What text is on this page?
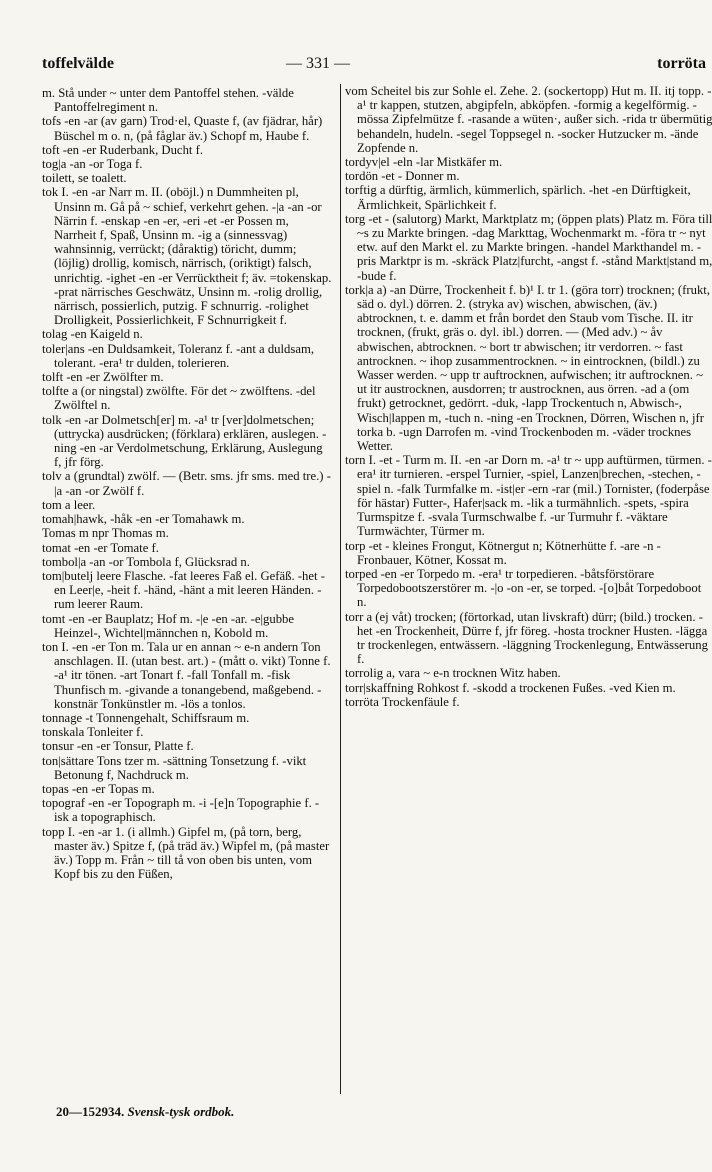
toffelvälde	— 331 —	torröta
m. Stå under ~ unter dem Pantoffel stehen. -välde Pantoffelregiment n.
tofs -en -ar (av garn) Trod·el, Quaste f, (av fjädrar, hår) Büschel m o. n, (på fåglar äv.) Schopf m, Haube f.
toft -en -er Ruderbank, Ducht f.
tog|a -an -or Toga f.
toilett, se toalett.
tok I. -en -ar Narr m. II. (oböjl.) n Dummheiten pl, Unsinn m. Gå på ~ schief, verkehrt gehen. -|a -an -or Närrin f. -enskap -en -er, -eri -et -er Possen m, Narrheit f, Spaß, Unsinn m. -ig a (sinnessvag) wahnsinnig, verrückt; (dåraktig) töricht, dumm; (löjlig) drollig, komisch, närrisch, (oriktigt) falsch, unrichtig. -ighet -en -er Verrücktheit f; äv. =tokenskap. -prat närrisches Geschwätz, Unsinn m. -rolig drollig, närrisch, possierlich, putzig. F schnurrig. -rolighet Drolligkeit, Possierlichkeit, F Schnurrigkeit f.
tolag -en Kaigeld n.
toler|ans -en Duldsamkeit, Toleranz f. -ant a duldsam, tolerant. -era¹ tr dulden, tolerieren.
tolft -en -er Zwölfter m.
tolfte a (or ningstal) zwölfte. För det ~ zwölftens. -del Zwölftel n.
tolk -en -ar Dolmetsch[er] m. -a¹ tr [ver]dolmetschen; (uttrycka) ausdrücken; (förklara) erklären, auslegen. -ning -en -ar Verdolmetschung, Erklärung, Auslegung f, jfr förg.
tolv a (grundtal) zwölf. — (Betr. sms. jfr sms. med tre.) -|a -an -or Zwölf f.
tom a leer.
tomah|hawk, -håk -en -er Tomahawk m.
Tomas m npr Thomas m.
tomat -en -er Tomate f.
tombol|a -an -or Tombola f, Glücksrad n.
tom|butelj leere Flasche. -fat leeres Faß el. Gefäß. -het -en Leer|e, -heit f. -händ, -hänt a mit leeren Händen. -rum leerer Raum.
tomt -en -er Bauplatz; Hof m. -|e -en -ar. -e|gubbe Heinzel-, Wichtel|männchen n, Kobold m.
ton I. -en -er Ton m. Tala ur en annan ~ e-n andern Ton anschlagen. II. (utan best. art.) - (mått o. vikt) Tonne f. -a¹ itr tönen. -art Tonart f. -fall Tonfall m. -fisk Thunfisch m. -givande a tonangebend, maßgebend. -konstnär Tonkünstler m. -lös a tonlos.
tonnage -t Tonnengehalt, Schiffsraum m.
tonskala Tonleiter f.
tonsur -en -er Tonsur, Platte f.
ton|sättare Tons tzer m. -sättning Tonsetzung f. -vikt Betonung f, Nachdruck m.
topas -en -er Topas m.
topograf -en -er Topograph m. -i -[e]n Topographie f. -isk a topographisch.
topp I. -en -ar 1. (i allmh.) Gipfel m, (på torn, berg, master äv.) Spitze f, (på träd äv.) Wipfel m, (på master äv.) Topp m. Från ~ till tå von oben bis unten, vom Kopf bis zu den Füßen,
vom Scheitel bis zur Sohle el. Zehe. 2. (sockertopp) Hut m. II. itj topp. -a¹ tr kappen, stutzen, abgipfeln, abköpfen. -formig a kegelförmig. -mössa Zipfelmütze f. -rasande a wüten·, außer sich. -rida tr übermütig behandeln, hudeln. -segel Toppsegel n. -socker Hutzucker m. -ände Zopfende n.
tordyv|el -eln -lar Mistkäfer m.
tordön -et - Donner m.
torftig a dürftig, ärmlich, kümmerlich, spärlich. -het -en Dürftigkeit, Ärmlichkeit, Spärlichkeit f.
torg -et - (salutorg) Markt, Marktplatz m; (öppen plats) Platz m. Föra till ~s zu Markte bringen. -dag Markttag, Wochenmarkt m. -föra tr ~ nyt etw. auf den Markt el. zu Markte bringen. -handel Markthandel m. -pris Marktpr is m. -skräck Platz|furcht, -angst f. -stånd Markt|stand m, -bude f.
tork|a a) -an Dürre, Trockenheit f. b)¹ I. tr 1. (göra torr) trocknen; (frukt, säd o. dyl.) dörren. 2. (stryka av) wischen, abwischen, (äv.) abtrocknen, t. e. damm et från bordet den Staub vom Tische. II. itr trocknen, (frukt, gräs o. dyl. ibl.) dorren. — (Med adv.) ~ åv abwischen, abtrocknen. ~ bort tr abwischen; itr verdorren. ~ fast antrocknen. ~ ihop zusammentrocknen. ~ in eintrocknen, (bildl.) zu Wasser werden. ~ upp tr auftrocknen, aufwischen; itr auftrocknen. ~ ut itr austrocknen, ausdorren; tr austrocknen, aus örren. -ad a (om frukt) getrocknet, gedörrt. -duk, -lapp Trockentuch n, Abwisch-, Wisch|lappen m, -tuch n. -ning -en Trocknen, Dörren, Wischen n, jfr torka b. -ugn Darrofen m. -vind Trockenboden m. -väder trocknes Wetter.
torn I. -et - Turm m. II. -en -ar Dorn m. -a¹ tr ~ upp auftürmen, türmen. -era¹ itr turnieren. -erspel Turnier, -spiel, Lanzen|brechen, -stechen, -spiel n. -falk Turmfalke m. -ist|er -ern -rar (mil.) Tornister, (foderpåse för hästar) Futter-, Hafer|sack m. -lik a turmähnlich. -spets, -spira Turmspitze f. -svala Turmschwalbe f. -ur Turmuhr f. -väktare Turmwächter, Türmer m.
torp -et - kleines Frongut, Kötnergut n; Kötnerhütte f. -are -n - Fronbauer, Kötner, Kossat m.
torped -en -er Torpedo m. -era¹ tr torpedieren. -båtsförstörare Torpedobootszerstörer m. -|o -on -er, se torped. -[o]båt Torpedoboot n.
torr a (ej våt) trocken; (förtorkad, utan livskraft) dürr; (bild.) trocken. -het -en Trockenheit, Dürre f, jfr föreg. -hosta trockner Husten. -lägga tr trockenlegen, entwässern. -läggning Trockenlegung, Entwässerung f.
torrolig a, vara ~ e-n trocknen Witz haben.
torr|skaffning Rohkost f. -skodd a trockenen Fußes. -ved Kien m.
torröta Trockenfäule f.
20—152934. Svensk-tysk ordbok.
